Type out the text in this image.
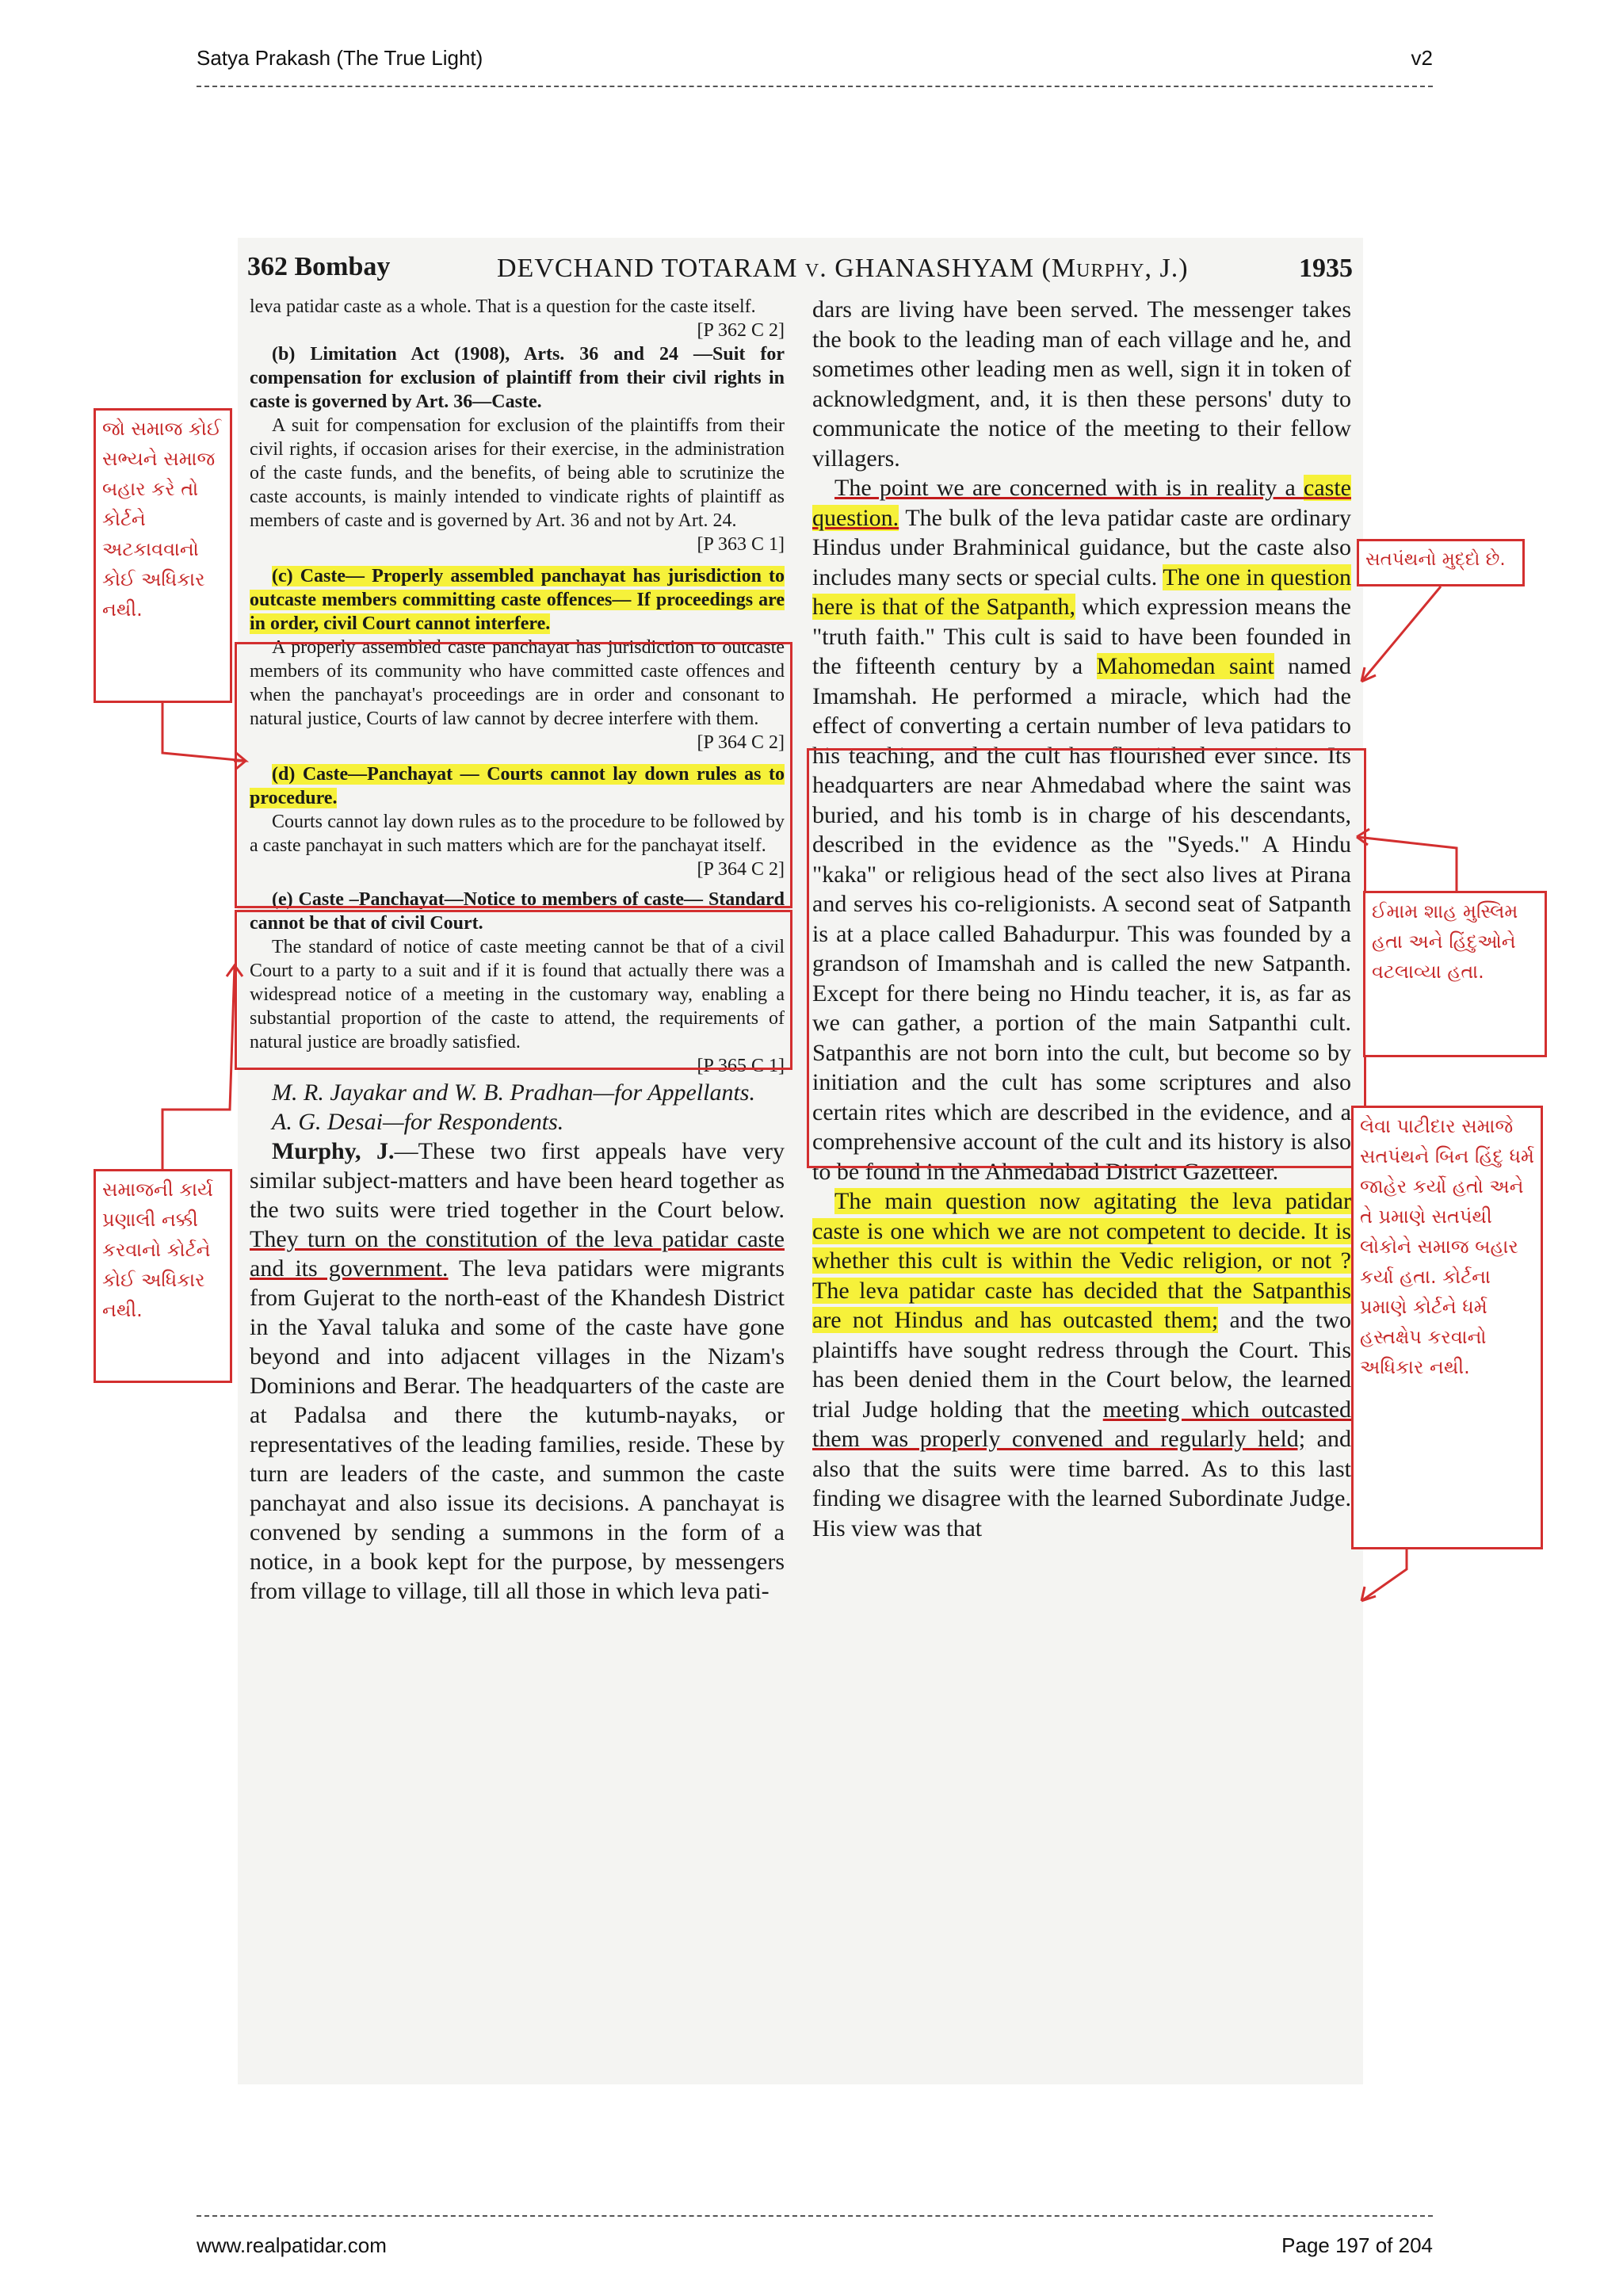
Satya Prakash (The True Light)	v2
362 Bombay	DEVCHAND TOTARAM v. GHANASHYAM (Murphy, J.)	1935

leva patidar caste as a whole. That is a question for the caste itself.

[P 362 C 2]

(b) Limitation Act (1908), Arts. 36 and 24 —Suit for compensation for exclusion of plaintiff from their civil rights in caste is governed by Art. 36—Caste.

A suit for compensation for exclusion of the plaintiffs from their civil rights, if occasion arises for their exercise, in the administration of the caste funds, and the benefits, of being able to scrutinize the caste accounts, is mainly intended to vindicate rights of plaintiff as members of caste and is governed by Art. 36 and not by Art. 24.

[P 363 C 1]

(c) Caste— Properly assembled panchayat has jurisdiction to outcaste members committing caste offences— If proceedings are in order, civil Court cannot interfere.

A properly assembled caste panchayat has jurisdiction to outcaste members of its community who have committed caste offences and when the panchayat's proceedings are in order and consonant to natural justice, Courts of law cannot by decree interfere with them.

[P 364 C 2]

(d) Caste—Panchayat — Courts cannot lay down rules as to procedure.

Courts cannot lay down rules as to the procedure to be followed by a caste panchayat in such matters which are for the panchayat itself.

[P 364 C 2]

(e) Caste –Panchayat—Notice to members of caste— Standard cannot be that of civil Court.

The standard of notice of caste meeting cannot be that of a civil Court to a party to a suit and if it is found that actually there was a widespread notice of a meeting in the customary way, enabling a substantial proportion of the caste to attend, the requirements of natural justice are broadly satisfied.

[P 365 C 1]

M. R. Jayakar and W. B. Pradhan—for Appellants.

A. G. Desai—for Respondents.

Murphy, J.—These two first appeals have very similar subject-matters and have been heard together as the two suits were tried together in the Court below. They turn on the constitution of the leva patidar caste and its government. The leva patidars were migrants from Gujerat to the north-east of the Khandesh District in the Yaval taluka and some of the caste have gone beyond and into adjacent villages in the Nizam's Dominions and Berar. The headquarters of the caste are at Padalsa and there the kutumb-nayaks, or representatives of the leading families, reside. These by turn are leaders of the caste, and summon the caste panchayat and also issue its decisions. A panchayat is convened by sending a summons in the form of a notice, in a book kept for the purpose, by messengers from village to village, till all those in which leva pati-

dars are living have been served. The messenger takes the book to the leading man of each village and he, and sometimes other leading men as well, sign it in token of acknowledgment, and, it is then these persons' duty to communicate the notice of the meeting to their fellow villagers.

The point we are concerned with is in reality a caste question. The bulk of the leva patidar caste are ordinary Hindus under Brahminical guidance, but the caste also includes many sects or special cults. The one in question here is that of the Satpanth, which expression means the "truth faith." This cult is said to have been founded in the fifteenth century by a Mahomedan saint named Imamshah. He performed a miracle, which had the effect of converting a certain number of leva patidars to his teaching, and the cult has flourished ever since. Its headquarters are near Ahmedabad where the saint was buried, and his tomb is in charge of his descendants, described in the evidence as the "Syeds." A Hindu "kaka" or religious head of the sect also lives at Pirana and serves his co-religionists. A second seat of Satpanth is at a place called Bahadurpur. This was founded by a grandson of Imamshah and is called the new Satpanth. Except for there being no Hindu teacher, it is, as far as we can gather, a portion of the main Satpanthi cult. Satpanthis are not born into the cult, but become so by initiation and the cult has some scriptures and also certain rites which are described in the evidence, and a comprehensive account of the cult and its history is also to be found in the Ahmedabad District Gazetteer.

The main question now agitating the leva patidar caste is one which we are not competent to decide. It is whether this cult is within the Vedic religion, or not ? The leva patidar caste has decided that the Satpanthis are not Hindus and has outcasted them; and the two plaintiffs have sought redress through the Court. This has been denied them in the Court below, the learned trial Judge holding that the meeting which outcasted them was properly convened and regularly held; and also that the suits were time barred. As to this last finding we disagree with the learned Subordinate Judge. His view was that

જો સમાજ કોઈ સભ્યને સમાજ બહાર કરે તો કોર્ટને અટકાવવાનો કોઈ અધિકાર નથી.
સમાજની કાર્ય પ્રણાલી નક્કી કરવાનો કોર્ટને કોઈ અધિકાર નથી.
સતપંથનો મુદ્દો છે.
ઈમામ શાહ મુસ્લિમ હતા અને હિંદુઓને વટલાવ્યા હતા.
લેવા પાટીદાર સમાજે સતપંથને બિન હિંદુ ધર્મ જાહેર કર્યો હતો અને તે પ્રમાણે સતપંથી લોકોને સમાજ બહાર કર્યા હતા. કોર્ટના પ્રમાણે કોર્ટને ધર્મ હસ્તક્ષેપ કરવાનો અધિકાર નથી.
www.realpatidar.com	Page 197 of 204
